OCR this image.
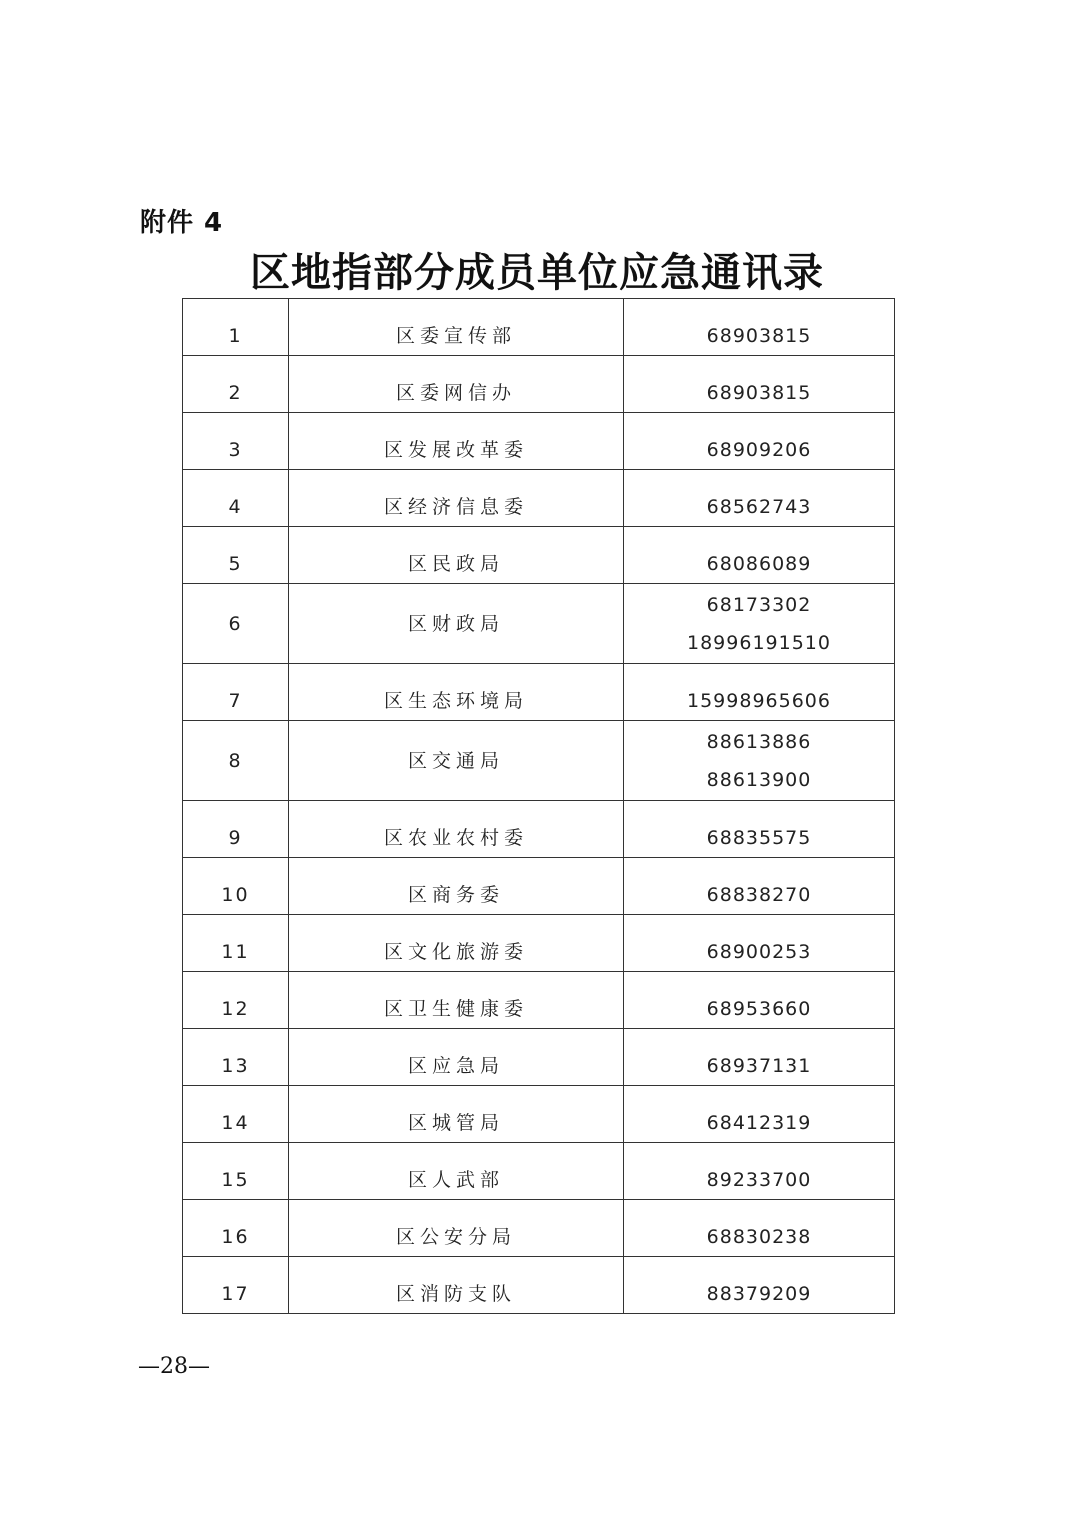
附件 4
区地指部分成员单位应急通讯录
1	区委宣传部	68903815

2	区委网信办	68903815

3	区发展改革委	68909206

4	区经济信息委	68562743

5	区民政局	68086089

6	区财政局	68173302
18996191510

7	区生态环境局	15998965606

8	区交通局	88613886
88613900

9	区农业农村委	68835575

10	区商务委	68838270

11	区文化旅游委	68900253

12	区卫生健康委	68953660

13	区应急局	68937131

14	区城管局	68412319

15	区人武部	89233700

16	区公安分局	68830238

17	区消防支队	88379209
—28—
